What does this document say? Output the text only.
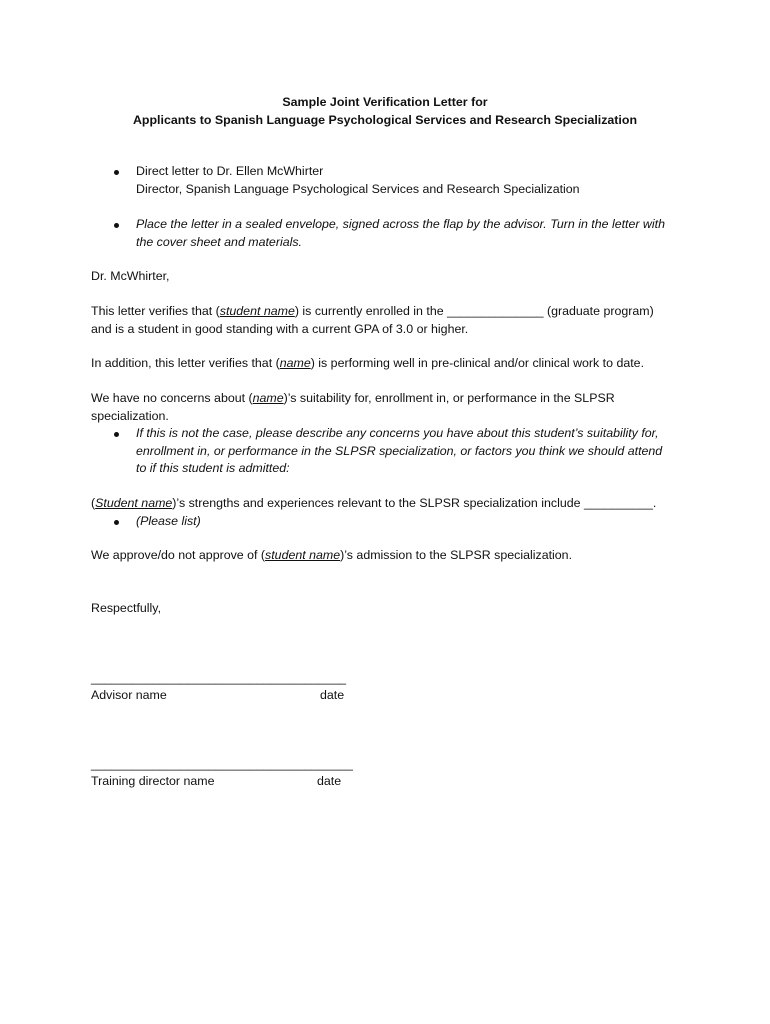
Sample Joint Verification Letter for
Applicants to Spanish Language Psychological Services and Research Specialization
Direct letter to Dr. Ellen McWhirter
Director, Spanish Language Psychological Services and Research Specialization
Place the letter in a sealed envelope, signed across the flap by the advisor. Turn in the letter with
the cover sheet and materials.
Dr. McWhirter,
This letter verifies that (student name) is currently enrolled in the ______________ (graduate program)
and is a student in good standing with a current GPA of 3.0 or higher.
In addition, this letter verifies that (name) is performing well in pre-clinical and/or clinical work to date.
We have no concerns about (name)’s suitability for, enrollment in, or performance in the SLPSR
specialization.
If this is not the case, please describe any concerns you have about this student’s suitability for,
enrollment in, or performance in the SLPSR specialization, or factors you think we should attend
to if this student is admitted:
(Student name)’s strengths and experiences relevant to the SLPSR specialization include __________.
(Please list)
We approve/do not approve of (student name)’s admission to the SLPSR specialization.
Respectfully,
_____________________________________
Advisor name	date
______________________________________
Training director name	date
